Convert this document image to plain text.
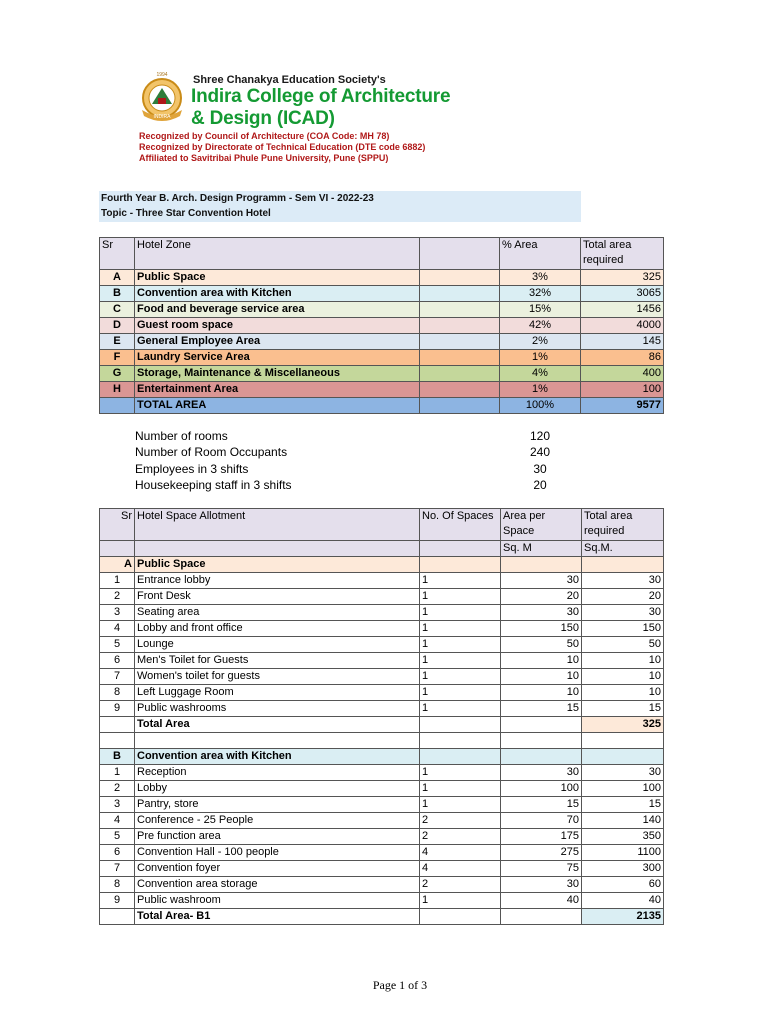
1994
INDIRA
Shree Chanakya Education Society's
Indira College of Architecture
& Design (ICAD)
Recognized by Council of Architecture (COA Code: MH 78)
Recognized by Directorate of Technical Education (DTE code 6882)
Affiliated to Savitribai Phule Pune University, Pune (SPPU)
Fourth Year B. Arch. Design Programm - Sem VI - 2022-23
Topic - Three Star Convention Hotel
Sr	Hotel Zone		% Area	Total area required
A	Public Space		3%	325
B	Convention area with Kitchen		32%	3065
C	Food and beverage service area		15%	1456
D	Guest room space		42%	4000
E	General Employee Area		2%	145
F	Laundry Service Area		1%	86
G	Storage, Maintenance & Miscellaneous		4%	400
H	Entertainment Area		1%	100
	TOTAL AREA		100%	9577
Number of rooms	120
Number of Room Occupants	240
Employees in 3 shifts	30
Housekeeping staff in 3 shifts	20
Sr	Hotel Space Allotment	No. Of Spaces	Area per Space	Total area required
			Sq. M	Sq.M.
A	Public Space			
1	Entrance lobby	1	30	30
2	Front Desk	1	20	20
3	Seating area	1	30	30
4	Lobby and front office	1	150	150
5	Lounge	1	50	50
6	Men's Toilet for Guests	1	10	10
7	Women's toilet for guests	1	10	10
8	Left Luggage Room	1	10	10
9	Public washrooms	1	15	15
	Total Area			325

B	Convention area with Kitchen			
1	Reception	1	30	30
2	Lobby	1	100	100
3	Pantry, store	1	15	15
4	Conference - 25 People	2	70	140
5	Pre function area	2	175	350
6	Convention Hall - 100 people	4	275	1100
7	Convention foyer	4	75	300
8	Convention area storage	2	30	60
9	Public washroom	1	40	40
	Total Area- B1			2135
Page 1 of 3
